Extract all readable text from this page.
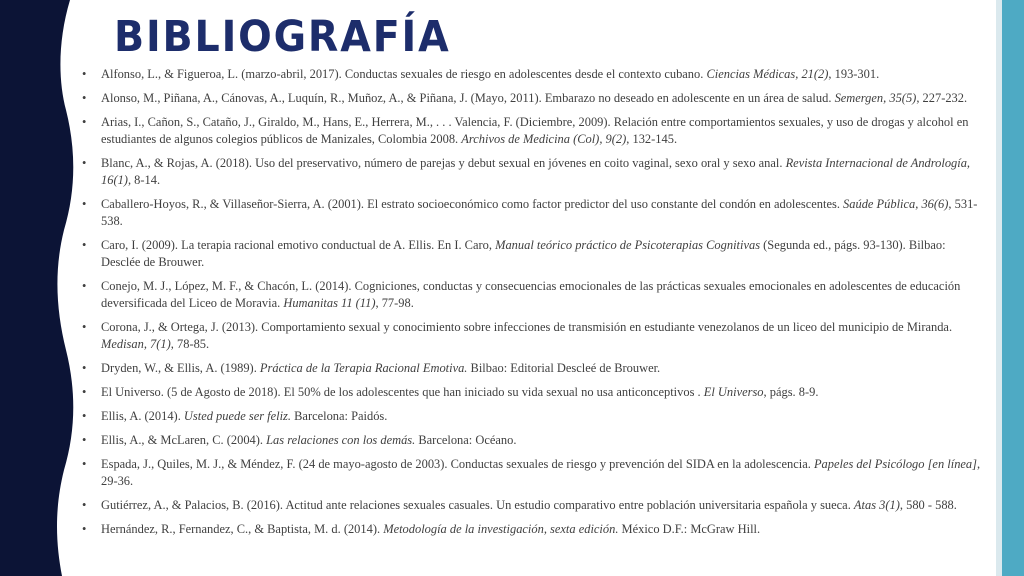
BIBLIOGRAFÍA
• Alfonso, L., & Figueroa, L. (marzo-abril, 2017). Conductas sexuales de riesgo en adolescentes desde el contexto cubano. Ciencias Médicas, 21(2), 193-301.
• Alonso, M., Piñana, A., Cánovas, A., Luquín, R., Muñoz, A., & Piñana, J. (Mayo, 2011). Embarazo no deseado en adolescente en un área de salud. Semergen, 35(5), 227-232.
• Arias, I., Cañon, S., Cataño, J., Giraldo, M., Hans, E., Herrera, M., . . . Valencia, F. (Diciembre, 2009). Relación entre comportamientos sexuales, y uso de drogas y alcohol en estudiantes de algunos colegios públicos de Manizales, Colombia 2008. Archivos de Medicina (Col), 9(2), 132-145.
• Blanc, A., & Rojas, A. (2018). Uso del preservativo, número de parejas y debut sexual en jóvenes en coito vaginal, sexo oral y sexo anal. Revista Internacional de Andrología, 16(1), 8-14.
• Caballero-Hoyos, R., & Villaseñor-Sierra, A. (2001). El estrato socioeconómico como factor predictor del uso constante del condón en adolescentes. Saúde Pública, 36(6), 531-538.
• Caro, I. (2009). La terapia racional emotivo conductual de A. Ellis. En I. Caro, Manual teórico práctico de Psicoterapias Cognitivas (Segunda ed., págs. 93-130). Bilbao: Desclée de Brouwer.
• Conejo, M. J., López, M. F., & Chacón, L. (2014). Cogniciones, conductas y consecuencias emocionales de las prácticas sexuales emocionales en adolescentes de educación deversificada del Liceo de Moravia. Humanitas 11 (11), 77-98.
• Corona, J., & Ortega, J. (2013). Comportamiento sexual y conocimiento sobre infecciones de transmisión en estudiante venezolanos de un liceo del municipio de Miranda. Medisan, 7(1), 78-85.
• Dryden, W., & Ellis, A. (1989). Práctica de la Terapia Racional Emotiva. Bilbao: Editorial Descleé de Brouwer.
• El Universo. (5 de Agosto de 2018). El 50% de los adolescentes que han iniciado su vida sexual no usa anticonceptivos . El Universo, págs. 8-9.
• Ellis, A. (2014). Usted puede ser feliz. Barcelona: Paidós.
• Ellis, A., & McLaren, C. (2004). Las relaciones con los demás. Barcelona: Océano.
• Espada, J., Quiles, M. J., & Méndez, F. (24 de mayo-agosto de 2003). Conductas sexuales de riesgo y prevención del SIDA en la adolescencia. Papeles del Psicólogo [en línea], 29-36.
• Gutiérrez, A., & Palacios, B. (2016). Actitud ante relaciones sexuales casuales. Un estudio comparativo entre población universitaria española y sueca. Atas 3(1), 580 - 588.
• Hernández, R., Fernandez, C., & Baptista, M. d. (2014). Metodología de la investigación, sexta edición. México D.F.: McGraw Hill.
